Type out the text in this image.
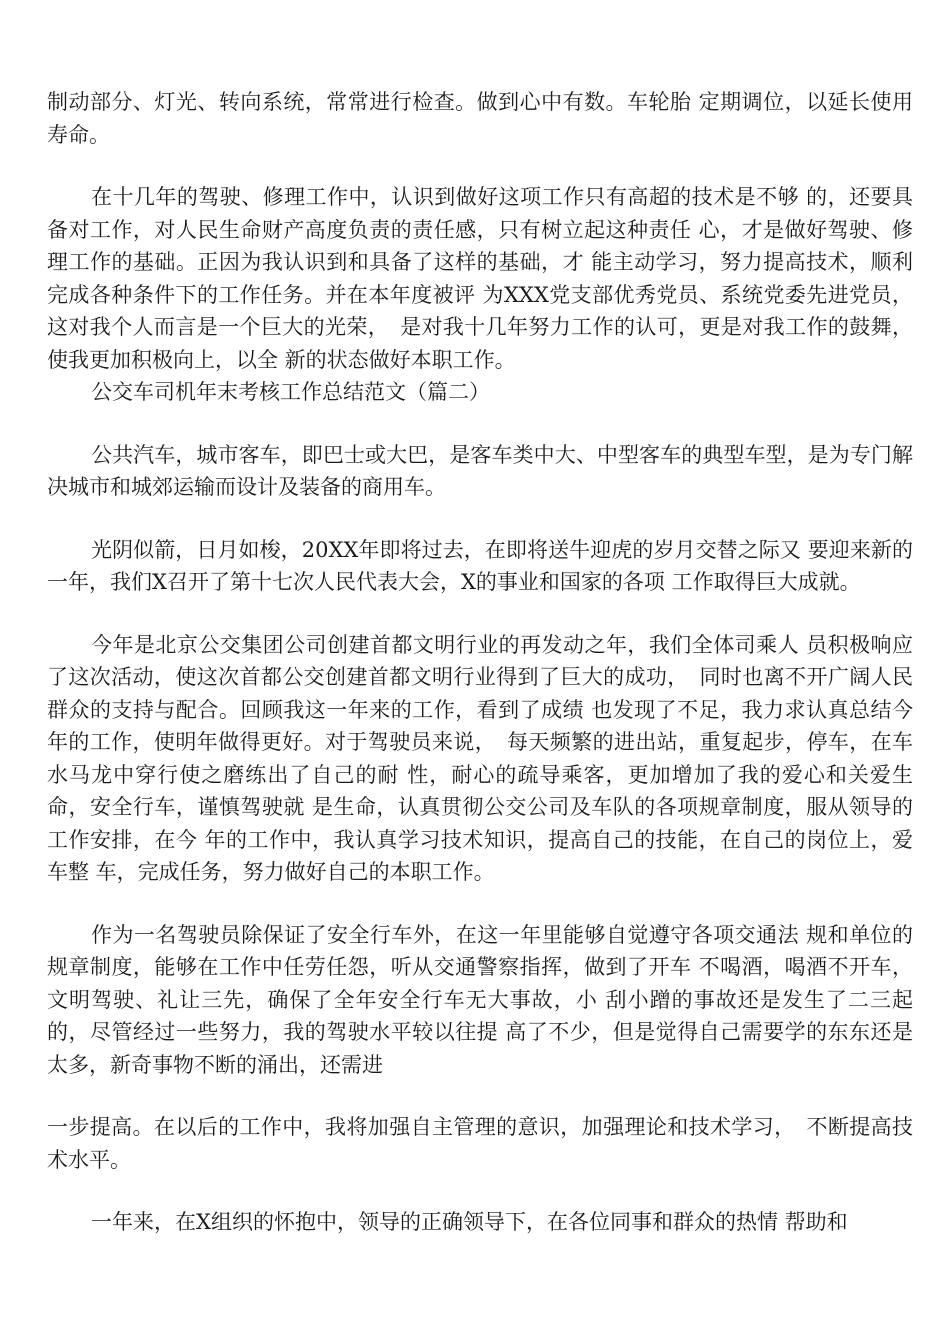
制动部分、灯光、转向系统，常常进行检查。做到心中有数。车轮胎 定期调位，以延长使用寿命。

在十几年的驾驶、修理工作中，认识到做好这项工作只有高超的技术是不够 的，还要具备对工作，对人民生命财产高度负责的责任感，只有树立起这种责任 心，才是做好驾驶、修理工作的基础。正因为我认识到和具备了这样的基础，才 能主动学习，努力提高技术，顺利完成各种条件下的工作任务。并在本年度被评 为XXX党支部优秀党员、系统党委先进党员，这对我个人而言是一个巨大的光荣，　是对我十几年努力工作的认可，更是对我工作的鼓舞，使我更加积极向上，以全 新的状态做好本职工作。

公交车司机年末考核工作总结范文（篇二）

公共汽车，城市客车，即巴士或大巴，是客车类中大、中型客车的典型车型，是为专门解决城市和城郊运输而设计及装备的商用车。

光阴似箭，日月如梭，20XX年即将过去，在即将送牛迎虎的岁月交替之际又 要迎来新的一年，我们X召开了第十七次人民代表大会，X的事业和国家的各项 工作取得巨大成就。

今年是北京公交集团公司创建首都文明行业的再发动之年，我们全体司乘人 员积极响应了这次活动，使这次首都公交创建首都文明行业得到了巨大的成功，　同时也离不开广阔人民群众的支持与配合。回顾我这一年来的工作，看到了成绩 也发现了不足，我力求认真总结今年的工作，使明年做得更好。对于驾驶员来说，　每天频繁的进出站，重复起步，停车，在车水马龙中穿行使之磨练出了自己的耐 性，耐心的疏导乘客，更加增加了我的爱心和关爱生命，安全行车，谨慎驾驶就 是生命，认真贯彻公交公司及车队的各项规章制度，服从领导的工作安排，在今 年的工作中，我认真学习技术知识，提高自己的技能，在自己的岗位上，爱车整 车，完成任务，努力做好自己的本职工作。

作为一名驾驶员除保证了安全行车外，在这一年里能够自觉遵守各项交通法 规和单位的规章制度，能够在工作中任劳任怨，听从交通警察指挥，做到了开车 不喝酒，喝酒不开车，文明驾驶、礼让三先，确保了全年安全行车无大事故，小 刮小蹭的事故还是发生了二三起的，尽管经过一些努力，我的驾驶水平较以往提 高了不少，但是觉得自己需要学的东东还是太多，新奇事物不断的涌出，还需进

一步提高。在以后的工作中，我将加强自主管理的意识，加强理论和技术学习，　不断提高技术水平。

一年来，在X组织的怀抱中，领导的正确领导下，在各位同事和群众的热情 帮助和
